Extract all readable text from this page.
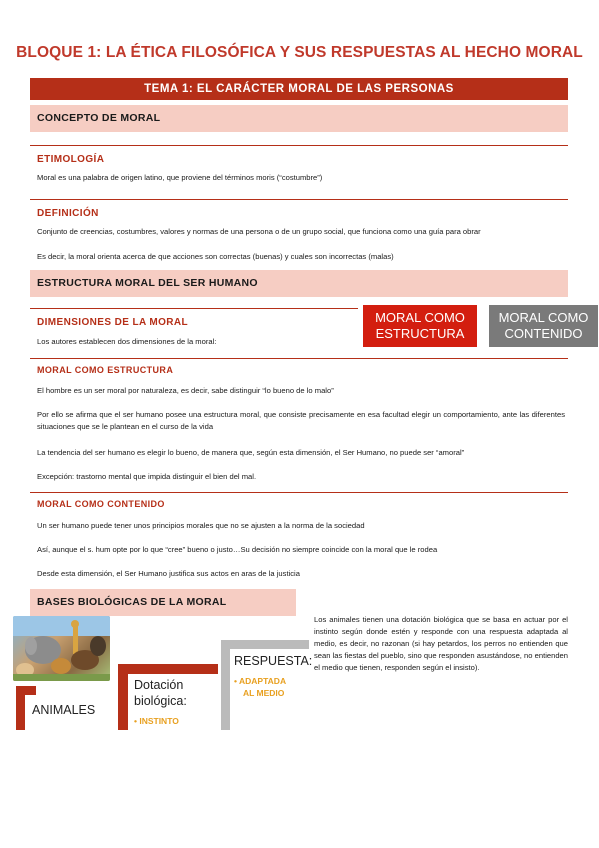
BLOQUE 1: LA ÉTICA FILOSÓFICA Y SUS RESPUESTAS AL HECHO MORAL
TEMA 1: EL CARÁCTER MORAL DE LAS PERSONAS
CONCEPTO DE MORAL
ETIMOLOGÍA
Moral es una palabra de origen latino, que proviene del términos moris (“costumbre”)
DEFINICIÓN
Conjunto de creencias, costumbres, valores y normas de una persona o de un grupo social, que funciona como una guía para obrar
Es decir, la moral orienta acerca de que acciones son correctas (buenas) y cuales son incorrectas (malas)
ESTRUCTURA MORAL DEL SER HUMANO
DIMENSIONES DE LA MORAL
Los autores establecen dos dimensiones de la moral:
MORAL COMO ESTRUCTURA
MORAL COMO CONTENIDO
MORAL COMO ESTRUCTURA
El hombre es un ser moral por naturaleza, es decir, sabe distinguir “lo bueno de lo malo”
Por ello se afirma que el ser humano posee una estructura moral, que consiste precisamente en esa facultad elegir un comportamiento, ante las diferentes situaciones que se le plantean en el curso de la vida
La tendencia del ser humano es elegir lo bueno, de manera que, según esta dimensión, el Ser Humano, no puede ser “amoral”
Excepción: trastorno mental que impida distinguir el bien del mal.
MORAL COMO CONTENIDO
Un ser humano puede tener unos principios morales que no se ajusten a la norma de la sociedad
Así, aunque el s. hum opte por lo que “cree” bueno o justo…Su decisión no siempre coincide con la moral que le rodea
Desde esta dimensión, el Ser Humano justifica sus actos en aras de la justicia
BASES BIOLÓGICAS DE LA MORAL
ANIMALES
Dotación
biológica:
• INSTINTO
RESPUESTA:
• ADAPTADA
AL MEDIO
Los animales tienen una dotación biológica que se basa en actuar por el instinto según donde estén y responde con una respuesta adaptada al medio, es decir, no razonan (si hay petardos, los perros no entienden que sean las fiestas del pueblo, sino que responden asustándose, no entienden el medio que tienen, responden según el insisto).
